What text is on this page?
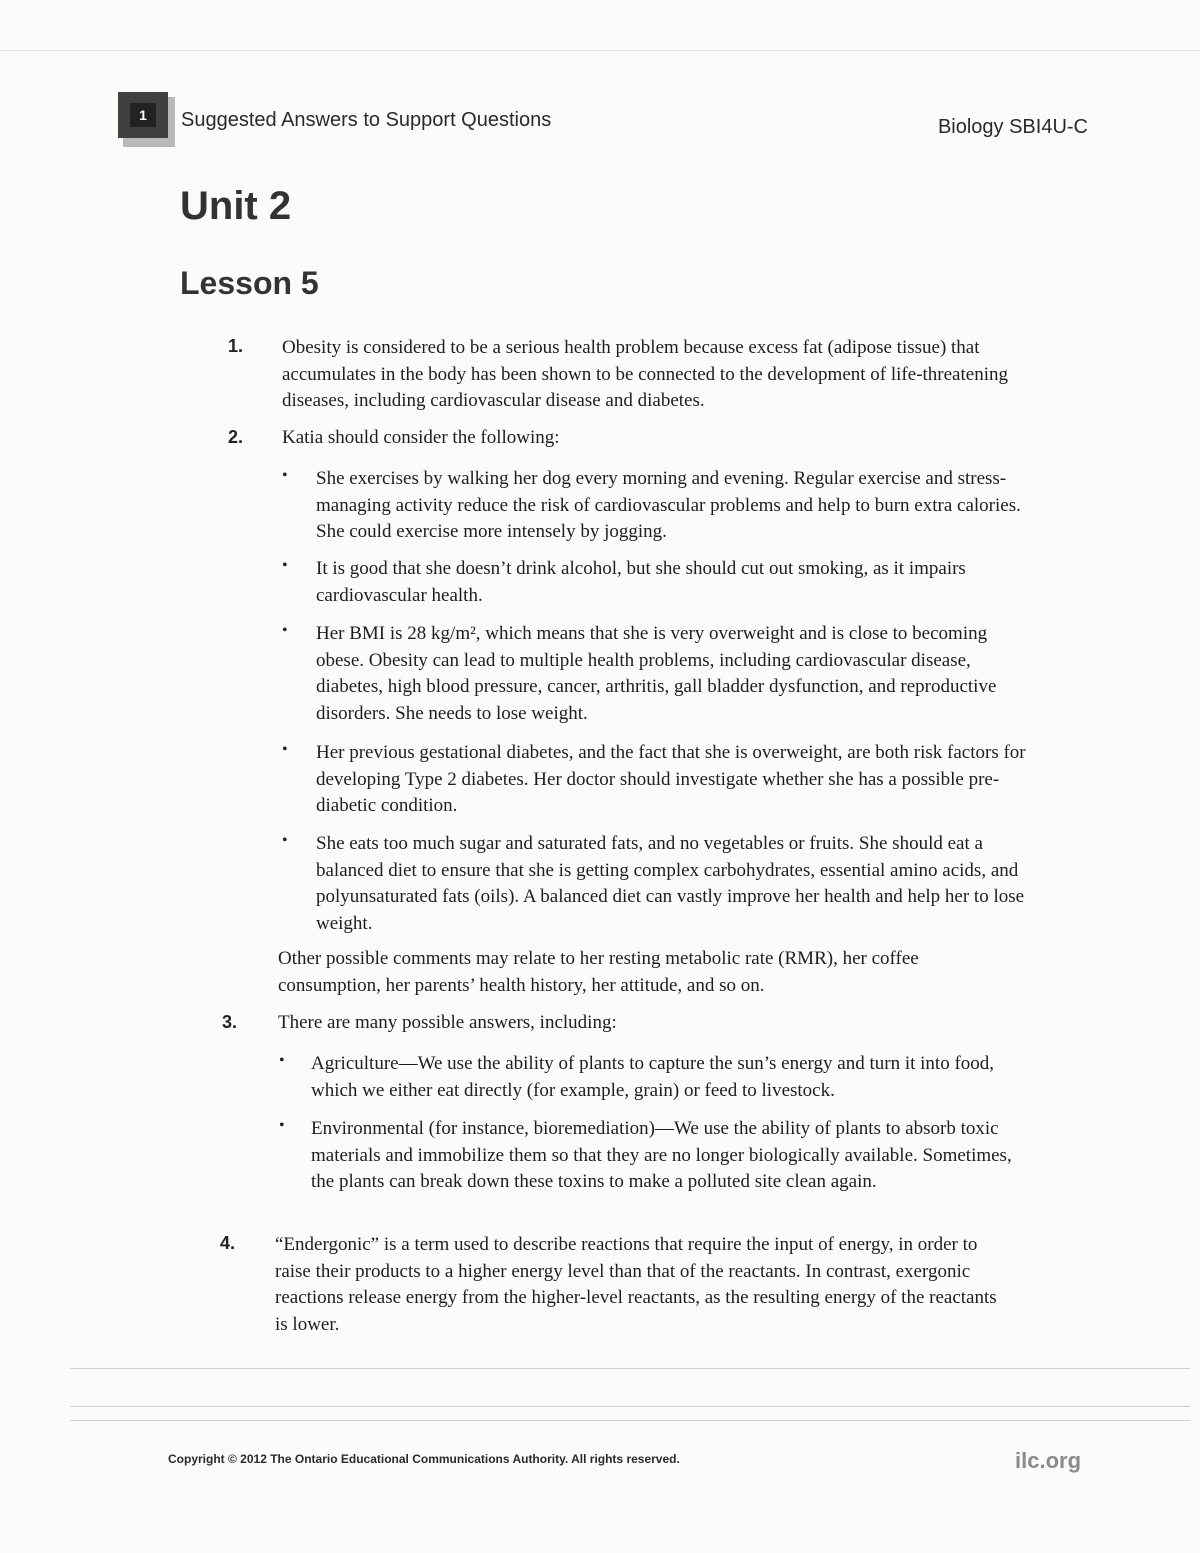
1	Suggested Answers to Support Questions	Biology SBI4U-C
Unit 2
Lesson 5
1. Obesity is considered to be a serious health problem because excess fat (adipose tissue) that accumulates in the body has been shown to be connected to the development of life-threatening diseases, including cardiovascular disease and diabetes.
2. Katia should consider the following:
• She exercises by walking her dog every morning and evening. Regular exercise and stress-managing activity reduce the risk of cardiovascular problems and help to burn extra calories. She could exercise more intensely by jogging.
• It is good that she doesn’t drink alcohol, but she should cut out smoking, as it impairs cardiovascular health.
• Her BMI is 28 kg/m², which means that she is very overweight and is close to becoming obese. Obesity can lead to multiple health problems, including cardiovascular disease, diabetes, high blood pressure, cancer, arthritis, gall bladder dysfunction, and reproductive disorders. She needs to lose weight.
• Her previous gestational diabetes, and the fact that she is overweight, are both risk factors for developing Type 2 diabetes. Her doctor should investigate whether she has a possible pre-diabetic condition.
• She eats too much sugar and saturated fats, and no vegetables or fruits. She should eat a balanced diet to ensure that she is getting complex carbohydrates, essential amino acids, and polyunsaturated fats (oils). A balanced diet can vastly improve her health and help her to lose weight.
Other possible comments may relate to her resting metabolic rate (RMR), her coffee consumption, her parents’ health history, her attitude, and so on.
3. There are many possible answers, including:
• Agriculture—We use the ability of plants to capture the sun’s energy and turn it into food, which we either eat directly (for example, grain) or feed to livestock.
• Environmental (for instance, bioremediation)—We use the ability of plants to absorb toxic materials and immobilize them so that they are no longer biologically available. Sometimes, the plants can break down these toxins to make a polluted site clean again.
4. “Endergonic” is a term used to describe reactions that require the input of energy, in order to raise their products to a higher energy level than that of the reactants. In contrast, exergonic reactions release energy from the higher-level reactants, as the resulting energy of the reactants is lower.
Copyright © 2012 The Ontario Educational Communications Authority. All rights reserved.	ilc.org
